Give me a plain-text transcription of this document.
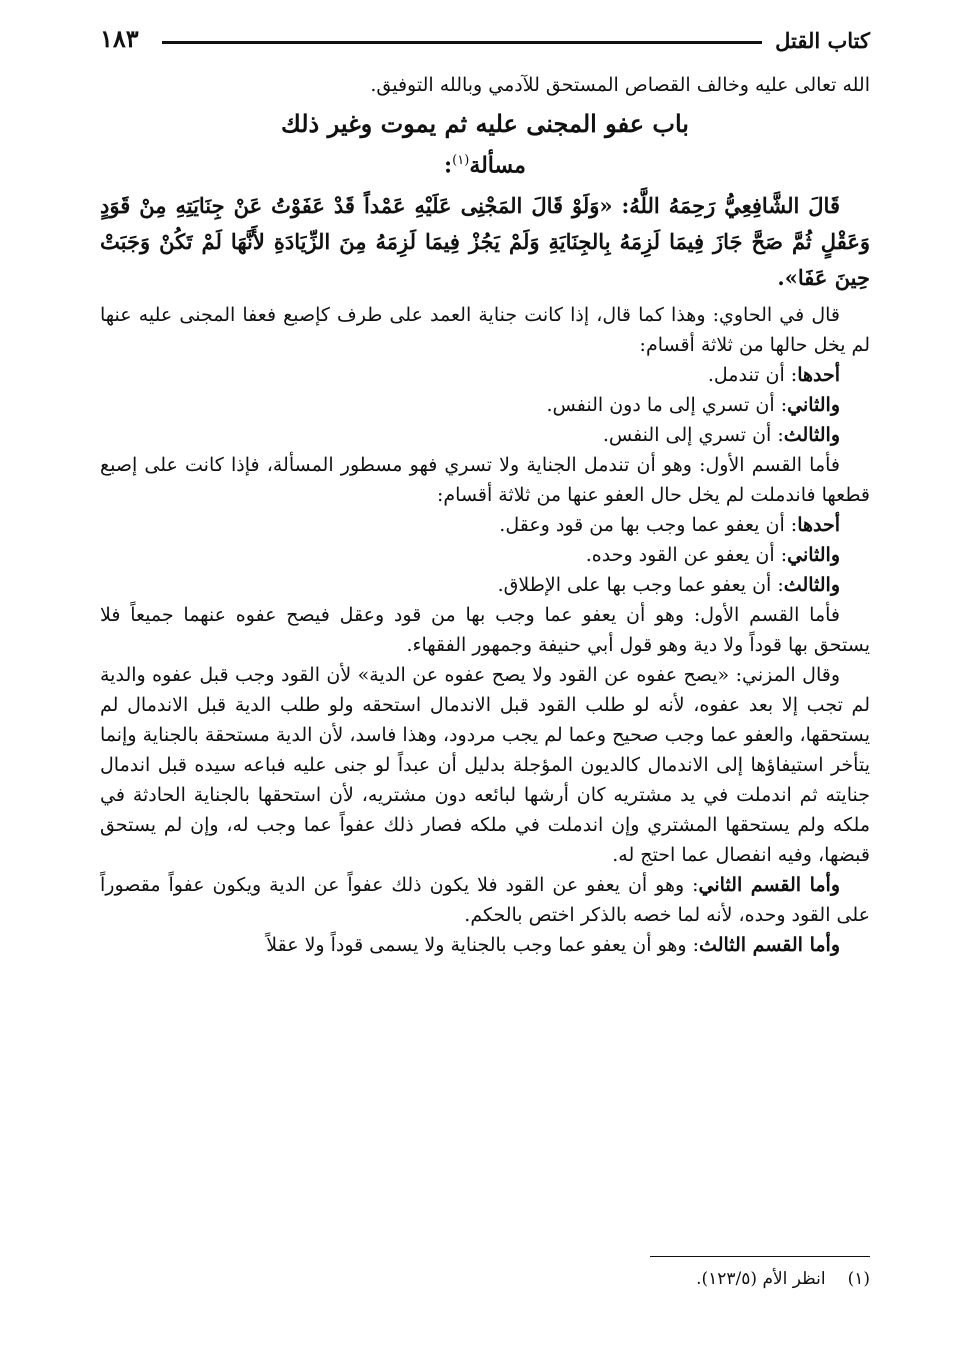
كتاب القتل
١٨٣

الله تعالى عليه وخالف القصاص المستحق للآدمي وبالله التوفيق.

باب عفو المجنى عليه ثم يموت وغير ذلك
مسألة$^{(١)}$:

قَالَ الشَّافِعِيُّ رَحِمَهُ اللَّهُ: «وَلَوْ قَالَ المَجْنِى عَلَيْهِ عَمْداً قَدْ عَفَوْتُ عَنْ جِنَايَتِهِ مِنْ قَوَدٍ وَعَقْلٍ ثُمَّ صَحَّ جَازَ فِيمَا لَزِمَهُ بِالجِنَايَةِ وَلَمْ يَجُزْ فِيمَا لَزِمَهُ مِنَ الزِّيَادَةِ لأَنَّهَا لَمْ تَكُنْ وَجَبَتْ حِينَ عَفَا».

قال في الحاوي: وهذا كما قال، إذا كانت جناية العمد على طرف كإصبع فعفا المجنى عليه عنها لم يخل حالها من ثلاثة أقسام:

أحدها: أن تندمل.

والثاني: أن تسري إلى ما دون النفس.

والثالث: أن تسري إلى النفس.

فأما القسم الأول: وهو أن تندمل الجناية ولا تسري فهو مسطور المسألة، فإذا كانت على إصبع قطعها فاندملت لم يخل حال العفو عنها من ثلاثة أقسام:

أحدها: أن يعفو عما وجب بها من قود وعقل.

والثاني: أن يعفو عن القود وحده.

والثالث: أن يعفو عما وجب بها على الإطلاق.

فأما القسم الأول: وهو أن يعفو عما وجب بها من قود وعقل فيصح عفوه عنهما جميعاً فلا يستحق بها قوداً ولا دية وهو قول أبي حنيفة وجمهور الفقهاء.

وقال المزني: «يصح عفوه عن القود ولا يصح عفوه عن الدية» لأن القود وجب قبل عفوه والدية لم تجب إلا بعد عفوه، لأنه لو طلب القود قبل الاندمال استحقه ولو طلب الدية قبل الاندمال لم يستحقها، والعفو عما وجب صحيح وعما لم يجب مردود، وهذا فاسد، لأن الدية مستحقة بالجناية وإنما يتأخر استيفاؤها إلى الاندمال كالديون المؤجلة بدليل أن عبداً لو جنى عليه فباعه سيده قبل اندمال جنايته ثم اندملت في يد مشتريه كان أرشها لبائعه دون مشتريه، لأن استحقها بالجناية الحادثة في ملكه ولم يستحقها المشتري وإن اندملت في ملكه فصار ذلك عفواً عما وجب له، وإن لم يستحق قبضها، وفيه انفصال عما احتج له.

وأما القسم الثاني: وهو أن يعفو عن القود فلا يكون ذلك عفواً عن الدية ويكون عفواً مقصوراً على القود وحده، لأنه لما خصه بالذكر اختص بالحكم.

وأما القسم الثالث: وهو أن يعفو عما وجب بالجناية ولا يسمى قوداً ولا عقلاً

(١)انظر الأم (١٢٣/٥).
